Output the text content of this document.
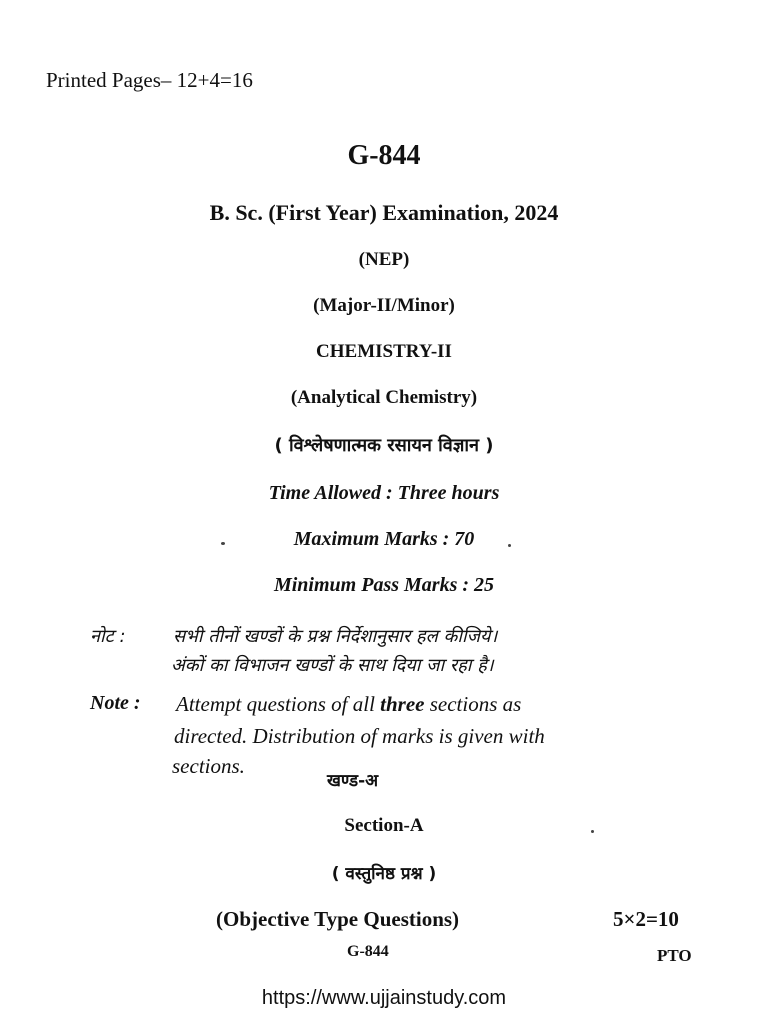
Printed Pages– 12+4=16
G-844
B. Sc. (First Year) Examination, 2024
(NEP)
(Major-II/Minor)
CHEMISTRY-II
(Analytical Chemistry)
( विश्लेषणात्मक रसायन विज्ञान )
Time Allowed : Three hours
Maximum Marks : 70
Minimum Pass Marks : 25
नोट :	सभी तीनों खण्डों के प्रश्न निर्देशानुसार हल कीजिये।
अंकों का विभाजन खण्डों के साथ दिया जा रहा है।
Note : Attempt questions of all three sections as
directed. Distribution of marks is given with
sections.
खण्ड-अ
Section-A
( वस्तुनिष्ठ प्रश्न )
(Objective Type Questions)	5×2=10
G-844	PTO
https://www.ujjainstudy.com
